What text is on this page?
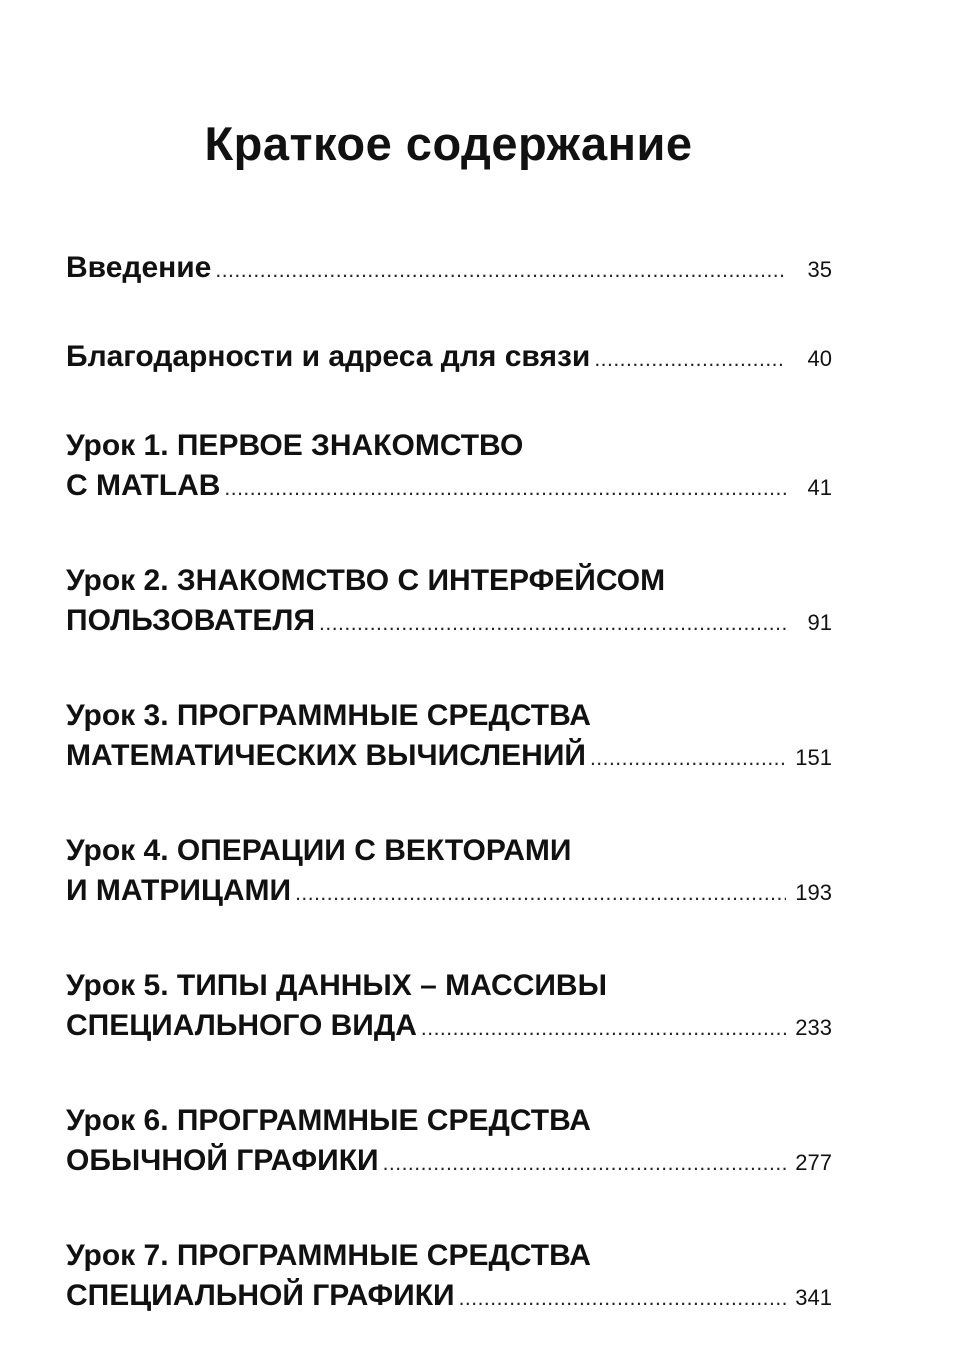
Краткое содержание
Введение .....	35
Благодарности и адреса для связи .....	40
Урок 1. ПЕРВОЕ ЗНАКОМСТВО
С MATLAB .....	41
Урок 2. ЗНАКОМСТВО С ИНТЕРФЕЙСОМ
ПОЛЬЗОВАТЕЛЯ .....	91
Урок 3. ПРОГРАММНЫЕ СРЕДСТВА
МАТЕМАТИЧЕСКИХ ВЫЧИСЛЕНИЙ .....	151
Урок 4. ОПЕРАЦИИ С ВЕКТОРАМИ
И МАТРИЦАМИ .....	193
Урок 5. ТИПЫ ДАННЫХ – МАССИВЫ
СПЕЦИАЛЬНОГО ВИДА .....	233
Урок 6. ПРОГРАММНЫЕ СРЕДСТВА
ОБЫЧНОЙ ГРАФИКИ .....	277
Урок 7. ПРОГРАММНЫЕ СРЕДСТВА
СПЕЦИАЛЬНОЙ ГРАФИКИ .....	341
